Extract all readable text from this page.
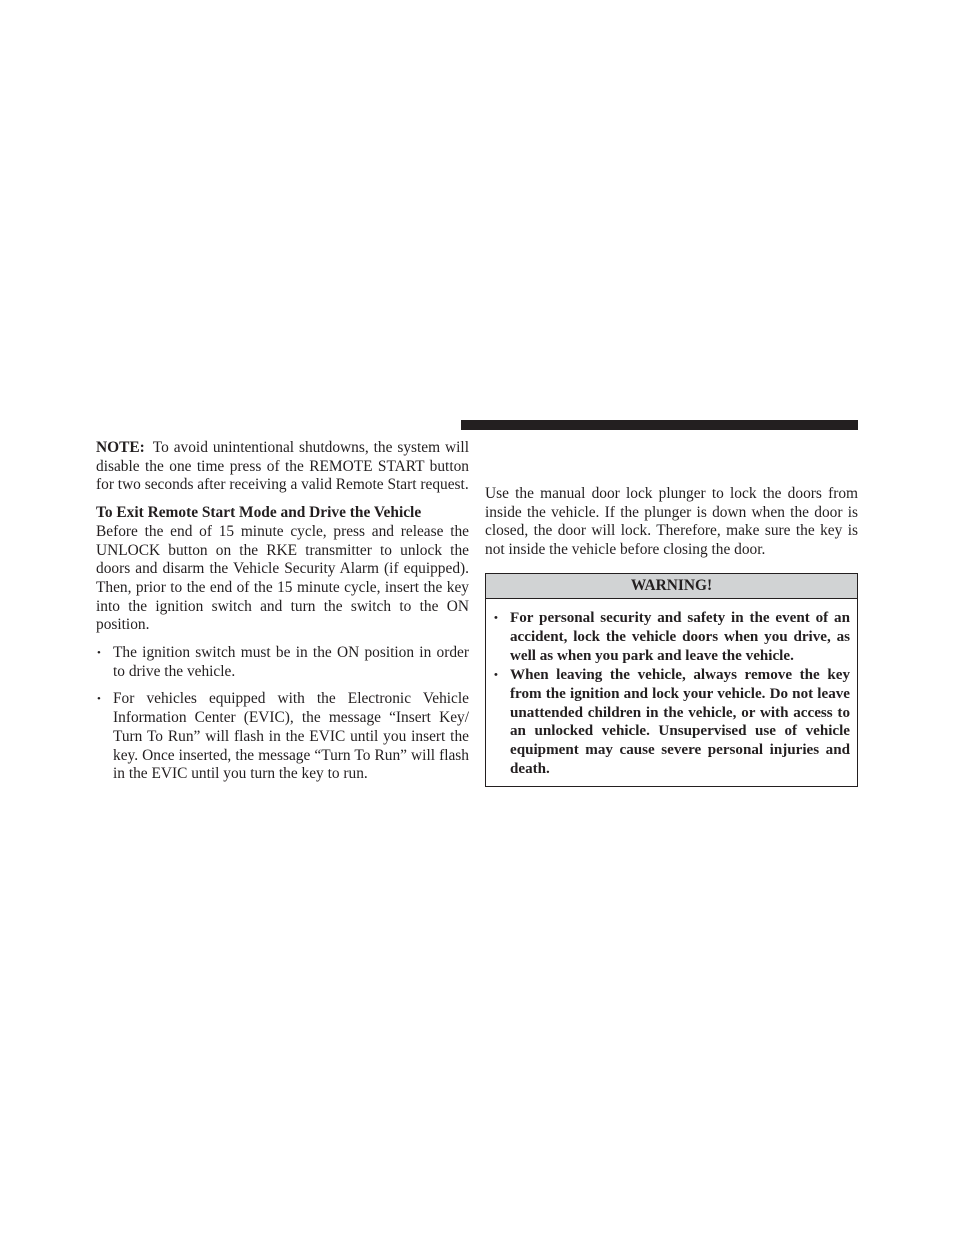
NOTE: To avoid unintentional shutdowns, the system will disable the one time press of the REMOTE START button for two seconds after receiving a valid Remote Start request.

To Exit Remote Start Mode and Drive the Vehicle

Before the end of 15 minute cycle, press and release the UNLOCK button on the RKE transmitter to unlock the doors and disarm the Vehicle Security Alarm (if equipped). Then, prior to the end of the 15 minute cycle, insert the key into the ignition switch and turn the switch to the ON position.

• The ignition switch must be in the ON position in order to drive the vehicle.
• For vehicles equipped with the Electronic Vehicle Information Center (EVIC), the message “Insert Key/ Turn To Run” will flash in the EVIC until you insert the key. Once inserted, the message “Turn To Run” will flash in the EVIC until you turn the key to run.

Use the manual door lock plunger to lock the doors from inside the vehicle. If the plunger is down when the door is closed, the door will lock. Therefore, make sure the key is not inside the vehicle before closing the door.

WARNING!
• For personal security and safety in the event of an accident, lock the vehicle doors when you drive, as well as when you park and leave the vehicle.
• When leaving the vehicle, always remove the key from the ignition and lock your vehicle. Do not leave unattended children in the vehicle, or with access to an unlocked vehicle. Unsupervised use of vehicle equipment may cause severe personal injuries and death.
